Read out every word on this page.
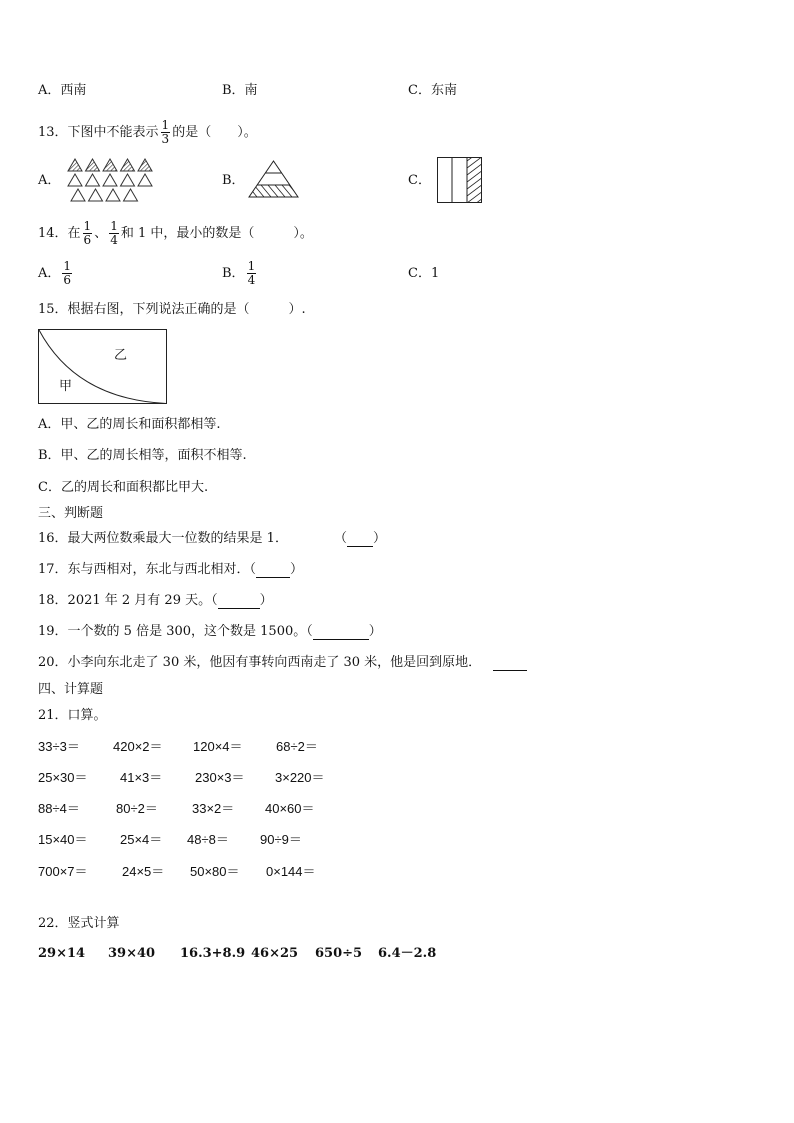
A．西南	B．南	C．东南
13．下图中不能表示 $\frac{1}{3}$ 的是（　　）。
A．	B．	C．
14．在 $\frac{1}{6}$ 、 $\frac{1}{4}$ 和 1 中，最小的数是（　　　）。
A． $\frac{1}{6}$	B． $\frac{1}{4}$	C．1
15．根据右图，下列说法正确的是（　　　）.
乙
甲
A．甲、乙的周长和面积都相等.
B．甲、乙的周长相等，面积不相等.
C．乙的周长和面积都比甲大.
三、判断题
16．最大两位数乘最大一位数的结果是 1．	（ ）
17．东与西相对，东北与西北相对．（	）
18．2021 年 2 月有 29 天。（	）
19．一个数的 5 倍是 300，这个数是 1500。（	）
20．小李向东北走了 30 米，他因有事转向西南走了 30 米，他是回到原地．
四、计算题
21．口算。
33÷3＝	420×2＝ 120×4＝	68÷2＝
25×30＝ 41×3＝	230×3＝ 3×220＝
88÷4＝	80÷2＝	33×2＝ 40×60＝
15×40＝ 25×4＝ 48÷8＝ 90÷9＝
700×7＝	24×5＝ 50×80＝ 0×144＝
22．竖式计算
29×14 39×40 16.3+8.9 46×25 650÷5 6.4－2.8
